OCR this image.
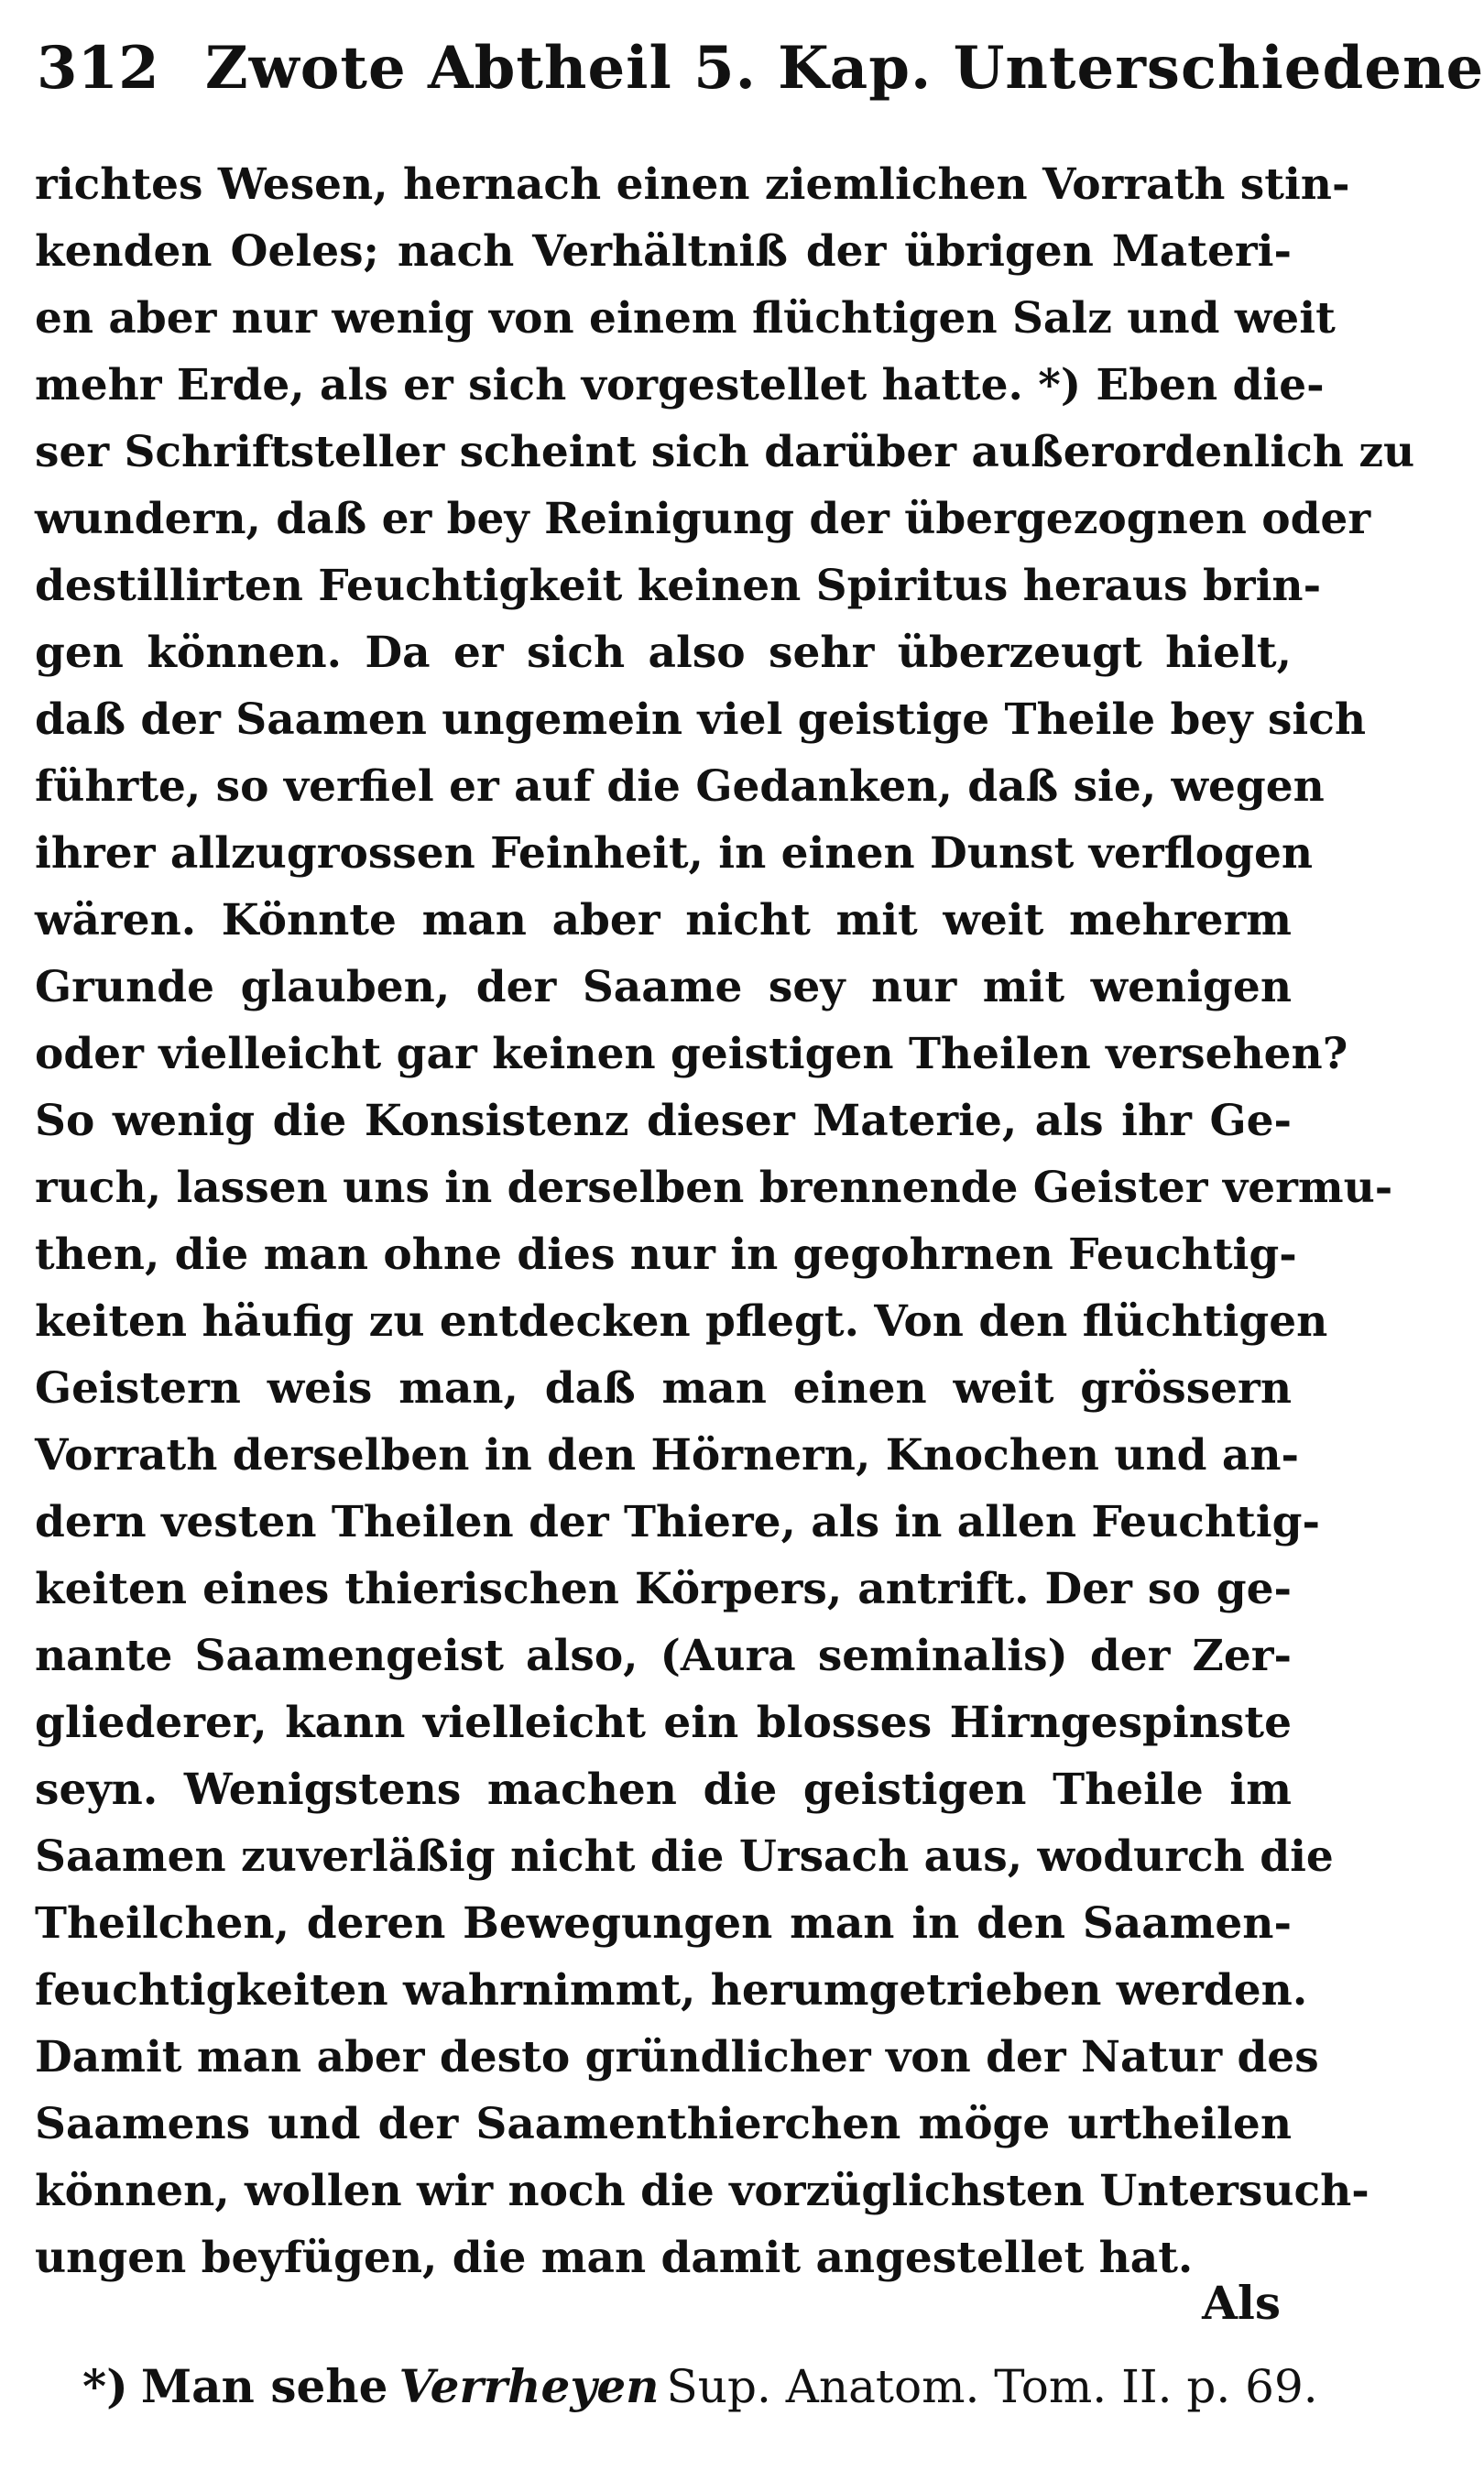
312 Zwote Abtheil 5. Kap. Unterschiedene
richtes Wesen, hernach einen ziemlichen Vorrath stin-
kenden Oeles; nach Verhältniß der übrigen Materi-
en aber nur wenig von einem flüchtigen Salz und weit
mehr Erde, als er sich vorgestellet hatte. *) Eben die-
ser Schriftsteller scheint sich darüber außerordenlich zu
wundern, daß er bey Reinigung der übergezognen oder
destillirten Feuchtigkeit keinen Spiritus heraus brin-
gen können. Da er sich also sehr überzeugt hielt,
daß der Saamen ungemein viel geistige Theile bey sich
führte, so verfiel er auf die Gedanken, daß sie, wegen
ihrer allzugrossen Feinheit, in einen Dunst verflogen
wären. Könnte man aber nicht mit weit mehrerm
Grunde glauben, der Saame sey nur mit wenigen
oder vielleicht gar keinen geistigen Theilen versehen?
So wenig die Konsistenz dieser Materie, als ihr Ge-
ruch, lassen uns in derselben brennende Geister vermu-
then, die man ohne dies nur in gegohrnen Feuchtig-
keiten häufig zu entdecken pflegt. Von den flüchtigen
Geistern weis man, daß man einen weit grössern
Vorrath derselben in den Hörnern, Knochen und an-
dern vesten Theilen der Thiere, als in allen Feuchtig-
keiten eines thierischen Körpers, antrift. Der so ge-
nante Saamengeist also, (Aura seminalis) der Zer-
gliederer, kann vielleicht ein blosses Hirngespinste
seyn. Wenigstens machen die geistigen Theile im
Saamen zuverläßig nicht die Ursach aus, wodurch die
Theilchen, deren Bewegungen man in den Saamen-
feuchtigkeiten wahrnimmt, herumgetrieben werden.
Damit man aber desto gründlicher von der Natur des
Saamens und der Saamenthierchen möge urtheilen
können, wollen wir noch die vorzüglichsten Untersuch-
ungen beyfügen, die man damit angestellet hat.
Als
*) Man sehe Verrheyen Sup. Anatom. Tom. II. p. 69.
